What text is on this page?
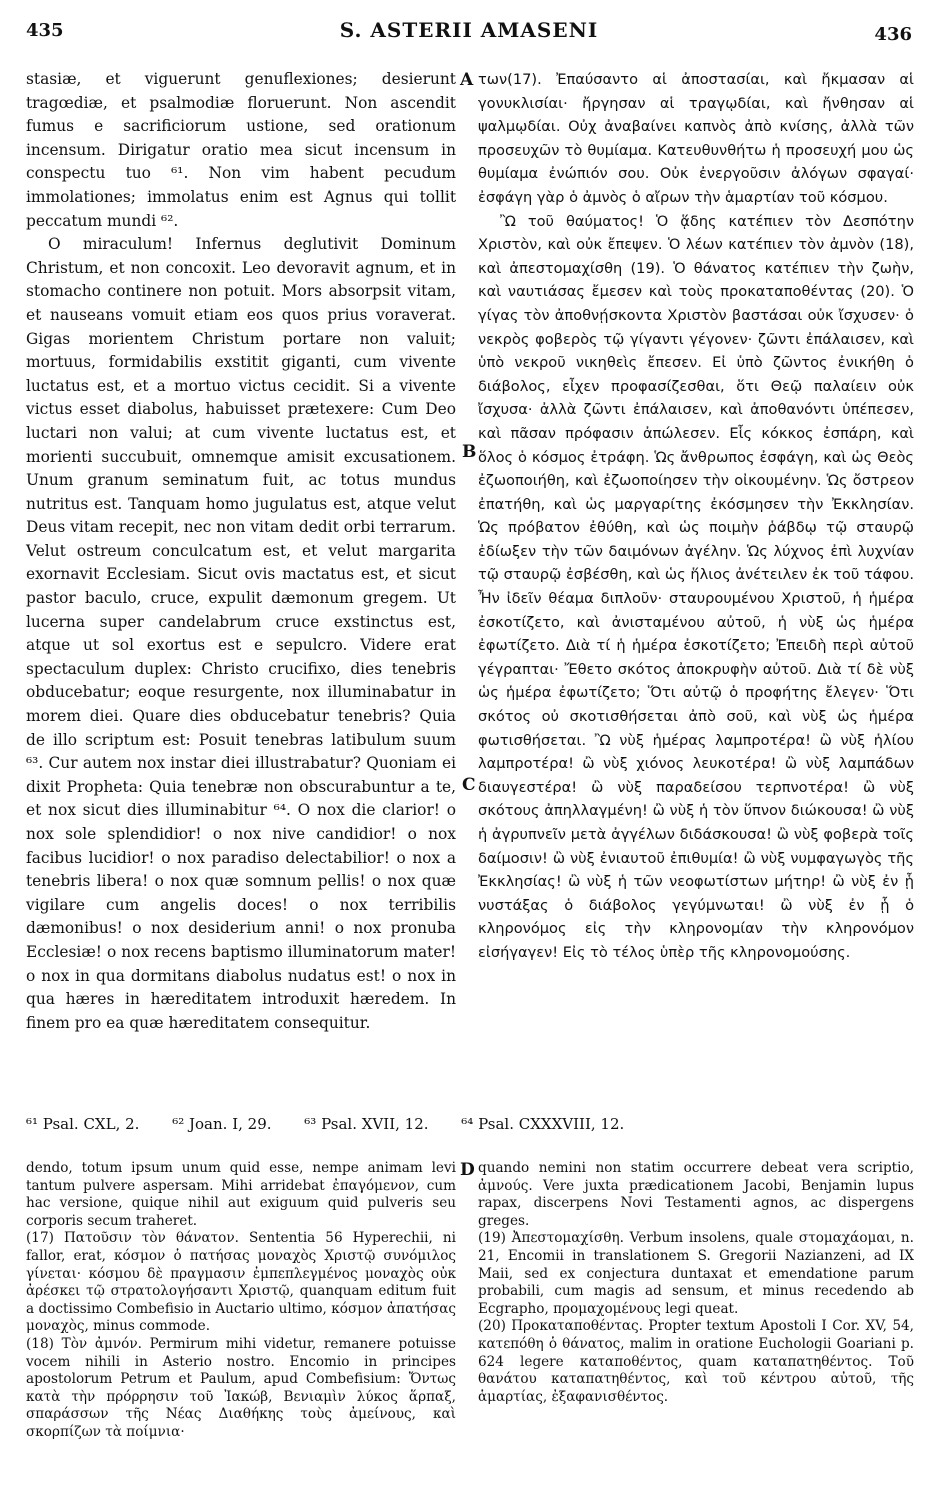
435	S. ASTERII AMASENI	436

stasiæ, et viguerunt genuflexiones; desierunt tragœdiæ, et psalmodiæ floruerunt. Non ascendit fumus e sacrificiorum ustione, sed orationum incensum. Dirigatur oratio mea sicut incensum in conspectu tuo ⁶¹. Non vim habent pecudum immolationes; immolatus enim est Agnus qui tollit peccatum mundi ⁶².

O miraculum! Infernus deglutivit Dominum Christum, et non concoxit. Leo devoravit agnum, et in stomacho continere non potuit. Mors absorpsit vitam, et nauseans vomuit etiam eos quos prius voraverat. Gigas morientem Christum portare non valuit; mortuus, formidabilis exstitit giganti, cum vivente luctatus est, et a mortuo victus cecidit. Si a vivente victus esset diabolus, habuisset prætexere: Cum Deo luctari non valui; at cum vivente luctatus est, et morienti succubuit, omnemque amisit excusationem. Unum granum seminatum fuit, ac totus mundus nutritus est. Tanquam homo jugulatus est, atque velut Deus vitam recepit, nec non vitam dedit orbi terrarum. Velut ostreum conculcatum est, et velut margarita exornavit Ecclesiam. Sicut ovis mactatus est, et sicut pastor baculo, cruce, expulit dæmonum gregem. Ut lucerna super candelabrum cruce exstinctus est, atque ut sol exortus est e sepulcro. Videre erat spectaculum duplex: Christo crucifixo, dies tenebris obducebatur; eoque resurgente, nox illuminabatur in morem diei. Quare dies obducebatur tenebris? Quia de illo scriptum est: Posuit tenebras latibulum suum ⁶³. Cur autem nox instar diei illustrabatur? Quoniam ei dixit Propheta: Quia tenebræ non obscurabuntur a te, et nox sicut dies illuminabitur ⁶⁴. O nox die clarior! o nox sole splendidior! o nox nive candidior! o nox facibus lucidior! o nox paradiso delectabilior! o nox a tenebris libera! o nox quæ somnum pellis! o nox quæ vigilare cum angelis doces! o nox terribilis dæmonibus! o nox desiderium anni! o nox pronuba Ecclesiæ! o nox recens baptismo illuminatorum mater! o nox in qua dormitans diabolus nudatus est! o nox in qua hæres in hæreditatem introduxit hæredem. In finem pro ea quæ hæreditatem consequitur.

A
B
C
D

των(17). Ἐπαύσαντο αἱ ἀποστασίαι, καὶ ἤκμασαν αἱ γονυκλισίαι· ἤργησαν αἱ τραγῳδίαι, καὶ ἤνθησαν αἱ ψαλμῳδίαι. Οὐχ ἀναβαίνει καπνὸς ἀπὸ κνίσης, ἀλλὰ τῶν προσευχῶν τὸ θυμίαμα. Κατευθυνθήτω ἡ προσευχή μου ὡς θυμίαμα ἐνώπιόν σου. Οὐκ ἐνεργοῦσιν ἀλόγων σφαγαί· ἐσφάγη γὰρ ὁ ἀμνὸς ὁ αἴρων τὴν ἁμαρτίαν τοῦ κόσμου.

Ὢ τοῦ θαύματος! Ὁ ᾅδης κατέπιεν τὸν Δεσπότην Χριστὸν, καὶ οὐκ ἔπεψεν. Ὁ λέων κατέπιεν τὸν ἀμνὸν (18), καὶ ἀπεστομαχίσθη (19). Ὁ θάνατος κατέπιεν τὴν ζωὴν, καὶ ναυτιάσας ἔμεσεν καὶ τοὺς προκαταποθέντας (20). Ὁ γίγας τὸν ἀποθνῄσκοντα Χριστὸν βαστάσαι οὐκ ἴσχυσεν· ὁ νεκρὸς φοβερὸς τῷ γίγαντι γέγονεν· ζῶντι ἐπάλαισεν, καὶ ὑπὸ νεκροῦ νικηθεὶς ἔπεσεν. Εἰ ὑπὸ ζῶντος ἐνικήθη ὁ διάβολος, εἶχεν προφασίζεσθαι, ὅτι Θεῷ παλαίειν οὐκ ἴσχυσα· ἀλλὰ ζῶντι ἐπάλαισεν, καὶ ἀποθανόντι ὑπέπεσεν, καὶ πᾶσαν πρόφασιν ἀπώλεσεν. Εἷς κόκκος ἐσπάρη, καὶ ὅλος ὁ κόσμος ἐτράφη. Ὡς ἄνθρωπος ἐσφάγη, καὶ ὡς Θεὸς ἐζωοποιήθη, καὶ ἐζωοποίησεν τὴν οἰκουμένην. Ὡς ὄστρεον ἐπατήθη, καὶ ὡς μαργαρίτης ἐκόσμησεν τὴν Ἐκκλησίαν. Ὡς πρόβατον ἐθύθη, καὶ ὡς ποιμὴν ῥάβδῳ τῷ σταυρῷ ἐδίωξεν τὴν τῶν δαιμόνων ἀγέλην. Ὡς λύχνος ἐπὶ λυχνίαν τῷ σταυρῷ ἐσβέσθη, καὶ ὡς ἥλιος ἀνέτειλεν ἐκ τοῦ τάφου. Ἦν ἰδεῖν θέαμα διπλοῦν· σταυρουμένου Χριστοῦ, ἡ ἡμέρα ἐσκοτίζετο, καὶ ἀνισταμένου αὐτοῦ, ἡ νὺξ ὡς ἡμέρα ἐφωτίζετο. Διὰ τί ἡ ἡμέρα ἐσκοτίζετο; Ἐπειδὴ περὶ αὐτοῦ γέγραπται· Ἔθετο σκότος ἀποκρυφὴν αὐτοῦ. Διὰ τί δὲ νὺξ ὡς ἡμέρα ἐφωτίζετο; Ὅτι αὐτῷ ὁ προφήτης ἔλεγεν· Ὅτι σκότος οὐ σκοτισθήσεται ἀπὸ σοῦ, καὶ νὺξ ὡς ἡμέρα φωτισθήσεται. Ὢ νὺξ ἡμέρας λαμπροτέρα! ὢ νὺξ ἡλίου λαμπροτέρα! ὢ νὺξ χιόνος λευκοτέρα! ὢ νὺξ λαμπάδων διαυγεστέρα! ὢ νὺξ παραδείσου τερπνοτέρα! ὢ νὺξ σκότους ἀπηλλαγμένη! ὢ νὺξ ἡ τὸν ὕπνον διώκουσα! ὢ νὺξ ἡ ἀγρυπνεῖν μετὰ ἀγγέλων διδάσκουσα! ὢ νὺξ φοβερὰ τοῖς δαίμοσιν! ὢ νὺξ ἐνιαυτοῦ ἐπιθυμία! ὢ νὺξ νυμφαγωγὸς τῆς Ἐκκλησίας! ὢ νὺξ ἡ τῶν νεοφωτίστων μήτηρ! ὢ νὺξ ἐν ᾗ νυστάξας ὁ διάβολος γεγύμνωται! ὢ νὺξ ἐν ᾗ ὁ κληρονόμος εἰς τὴν κληρονομίαν τὴν κληρονόμον εἰσήγαγεν! Εἰς τὸ τέλος ὑπὲρ τῆς κληρονομούσης.

⁶¹ Psal. CXL, 2. ⁶² Joan. I, 29. ⁶³ Psal. XVII, 12. ⁶⁴ Psal. CXXXVIII, 12.

dendo, totum ipsum unum quid esse, nempe animam levi tantum pulvere aspersam. Mihi arridebat ἐπαγόμενον, cum hac versione, quique nihil aut exiguum quid pulveris seu corporis secum traheret.

(17) Πατοῦσιν τὸν θάνατον. Sententia 56 Hyperechii, ni fallor, erat, κόσμον ὁ πατήσας μοναχὸς Χριστῷ συνόμιλος γίνεται· κόσμου δὲ πραγμασιν ἐμπεπλεγμένος μοναχὸς οὐκ ἀρέσκει τῷ στρατολογήσαντι Χριστῷ, quanquam editum fuit a doctissimo Combefisio in Auctario ultimo, κόσμον ἀπατήσας μοναχὸς, minus commode.

(18) Τὸν ἀμνόν. Permirum mihi videtur, remanere potuisse vocem nihili in Asterio nostro. Encomio in principes apostolorum Petrum et Paulum, apud Combefisium: Ὄντως κατὰ τὴν πρόρρησιν τοῦ Ἰακώβ, Βενιαμὶν λύκος ἅρπαξ, σπαράσσων τῆς Νέας Διαθήκης τοὺς ἀμείνους, καὶ σκορπίζων τὰ ποίμνια·

quando nemini non statim occurrere debeat vera scriptio, ἀμνούς. Vere juxta prædicationem Jacobi, Benjamin lupus rapax, discerpens Novi Testamenti agnos, ac dispergens greges.

(19) Ἀπεστομαχίσθη. Verbum insolens, quale στομαχάομαι, n. 21, Encomii in translationem S. Gregorii Nazianzeni, ad IX Maii, sed ex conjectura duntaxat et emendatione parum probabili, cum magis ad sensum, et minus recedendo ab Ecgrapho, προμαχομένους legi queat.

(20) Προκαταποθέντας. Propter textum Apostoli I Cor. XV, 54, κατεπόθη ὁ θάνατος, malim in oratione Euchologii Goariani p. 624 legere καταποθέντος, quam καταπατηθέντος. Τοῦ θανάτου καταπατηθέντος, καὶ τοῦ κέντρου αὐτοῦ, τῆς ἁμαρτίας, ἐξαφανισθέντος.
